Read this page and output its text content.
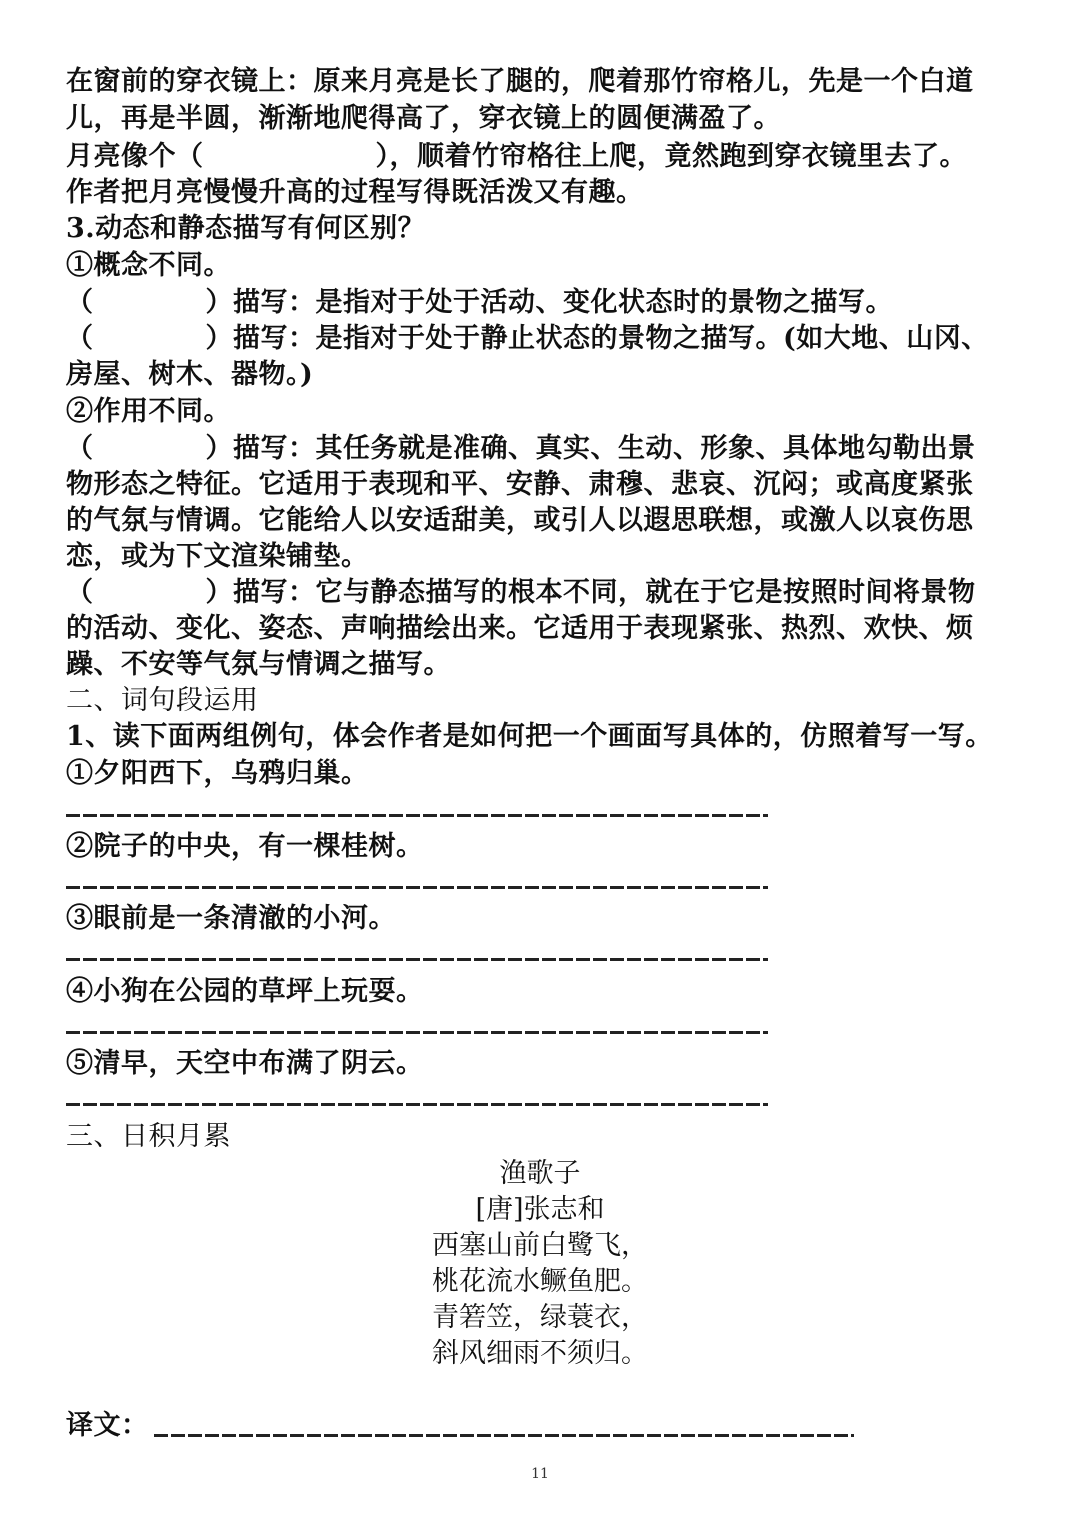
在窗前的穿衣镜上：原来月亮是长了腿的，爬着那竹帘格儿，先是一个白道
儿，再是半圆，渐渐地爬得高了，穿衣镜上的圆便满盈了。
月亮像个（	），顺着竹帘格往上爬，竟然跑到穿衣镜里去了。
作者把月亮慢慢升高的过程写得既活泼又有趣。
3.动态和静态描写有何区别？
①概念不同。
（	）描写：是指对于处于活动、变化状态时的景物之描写。
（	）描写：是指对于处于静止状态的景物之描写。(如大地、山冈、
房屋、树木、器物。)
②作用不同。
（	）描写：其任务就是准确、真实、生动、形象、具体地勾勒出景
物形态之特征。它适用于表现和平、安静、肃穆、悲哀、沉闷；或高度紧张
的气氛与情调。它能给人以安适甜美，或引人以遐思联想，或激人以哀伤思
恋，或为下文渲染铺垫。
（	）描写：它与静态描写的根本不同，就在于它是按照时间将景物
的活动、变化、姿态、声响描绘出来。它适用于表现紧张、热烈、欢快、烦
躁、不安等气氛与情调之描写。
二、词句段运用
1、读下面两组例句，体会作者是如何把一个画面写具体的，仿照着写一写。
①夕阳西下，乌鸦归巢。
②院子的中央，有一棵桂树。
③眼前是一条清澈的小河。
④小狗在公园的草坪上玩耍。
⑤清早，天空中布满了阴云。
三、日积月累
渔歌子
[唐]张志和
西塞山前白鹭飞，
桃花流水鳜鱼肥。
青箬笠，绿蓑衣，
斜风细雨不须归。
译文：
11
